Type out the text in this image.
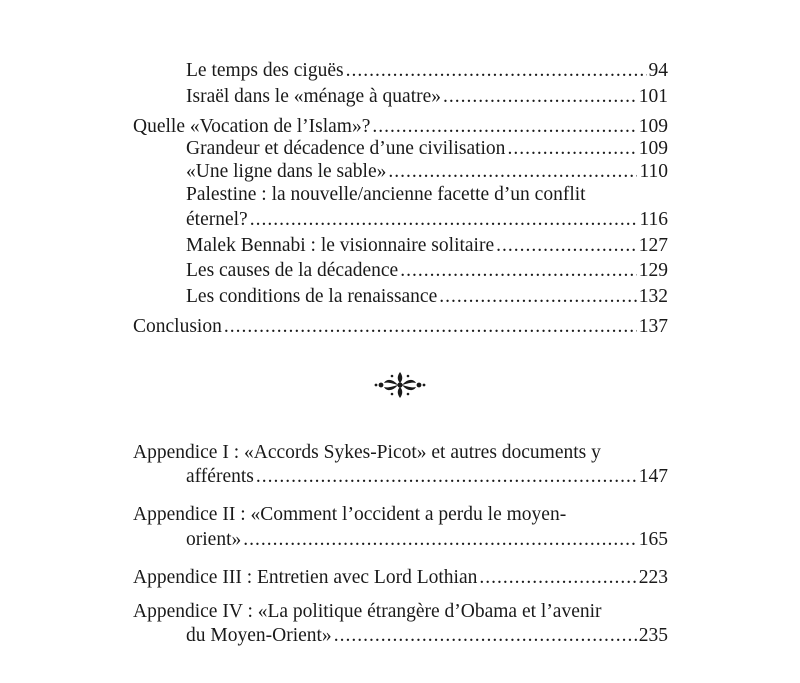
Le temps des ciguës .....	94
Israël dans le «ménage à quatre» .....	101
Quelle «Vocation de l’Islam»? .....	109
Grandeur et décadence d’une civilisation .....	109
«Une ligne dans le sable» .....	110
Palestine : la nouvelle/ancienne facette d’un conflit
éternel? .....	116
Malek Bennabi : le visionnaire solitaire .....	127
Les causes de la décadence .....	129
Les conditions de la renaissance .....	132
Conclusion .....	137
Appendice I : «Accords Sykes-Picot» et autres documents y
afférents .....	147
Appendice II : «Comment l’occident a perdu le moyen-
orient» .....	165
Appendice III : Entretien avec Lord Lothian .....	223
Appendice IV : «La politique étrangère d’Obama et l’avenir
du Moyen-Orient» .....	235
